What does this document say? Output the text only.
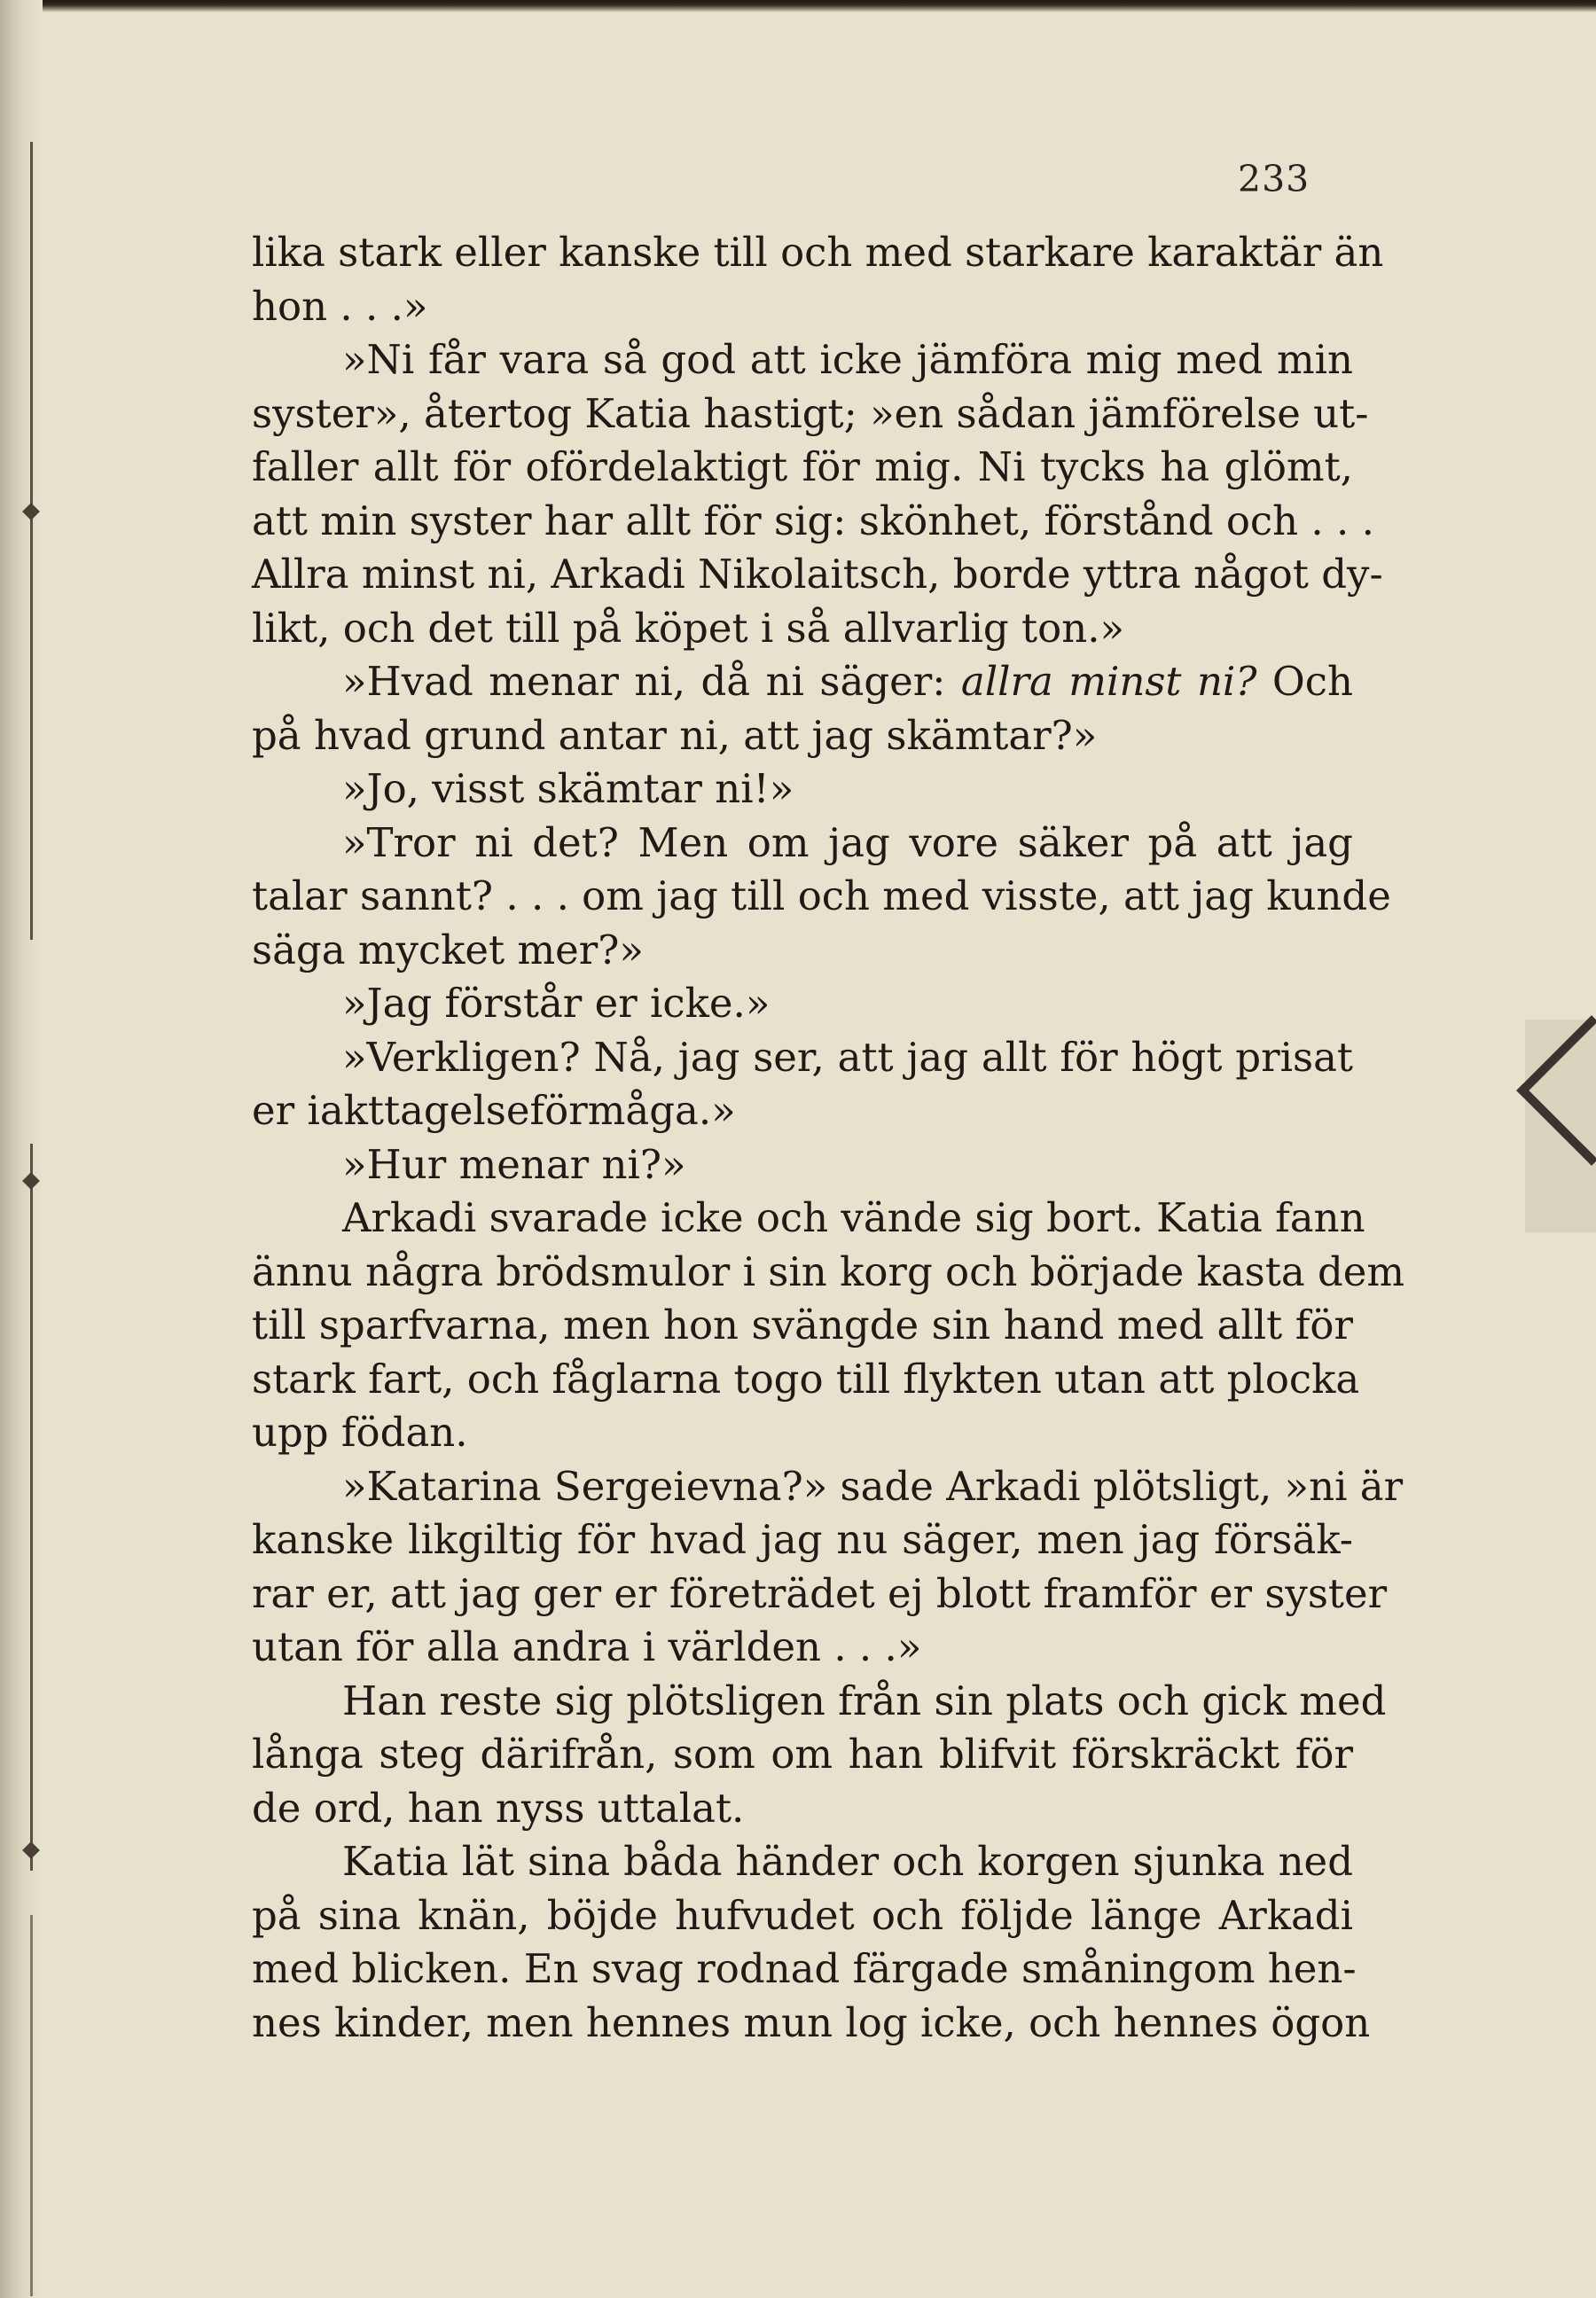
233
lika stark eller kanske till och med starkare karaktär än
hon . . .»
»Ni får vara så god att icke jämföra mig med min
syster», återtog Katia hastigt; »en sådan jämförelse ut-
faller allt för ofördelaktigt för mig. Ni tycks ha glömt,
att min syster har allt för sig: skönhet, förstånd och . . .
Allra minst ni, Arkadi Nikolaitsch, borde yttra något dy-
likt, och det till på köpet i så allvarlig ton.»
»Hvad menar ni, då ni säger: allra minst ni? Och
på hvad grund antar ni, att jag skämtar?»
»Jo, visst skämtar ni!»
»Tror ni det? Men om jag vore säker på att jag
talar sannt? . . . om jag till och med visste, att jag kunde
säga mycket mer?»
»Jag förstår er icke.»
»Verkligen? Nå, jag ser, att jag allt för högt prisat
er iakttagelseförmåga.»
»Hur menar ni?»
Arkadi svarade icke och vände sig bort. Katia fann
ännu några brödsmulor i sin korg och började kasta dem
till sparfvarna, men hon svängde sin hand med allt för
stark fart, och fåglarna togo till flykten utan att plocka
upp födan.
»Katarina Sergeievna?» sade Arkadi plötsligt, »ni är
kanske likgiltig för hvad jag nu säger, men jag försäk-
rar er, att jag ger er företrädet ej blott framför er syster
utan för alla andra i världen . . .»
Han reste sig plötsligen från sin plats och gick med
långa steg därifrån, som om han blifvit förskräckt för
de ord, han nyss uttalat.
Katia lät sina båda händer och korgen sjunka ned
på sina knän, böjde hufvudet och följde länge Arkadi
med blicken. En svag rodnad färgade småningom hen-
nes kinder, men hennes mun log icke, och hennes ögon
